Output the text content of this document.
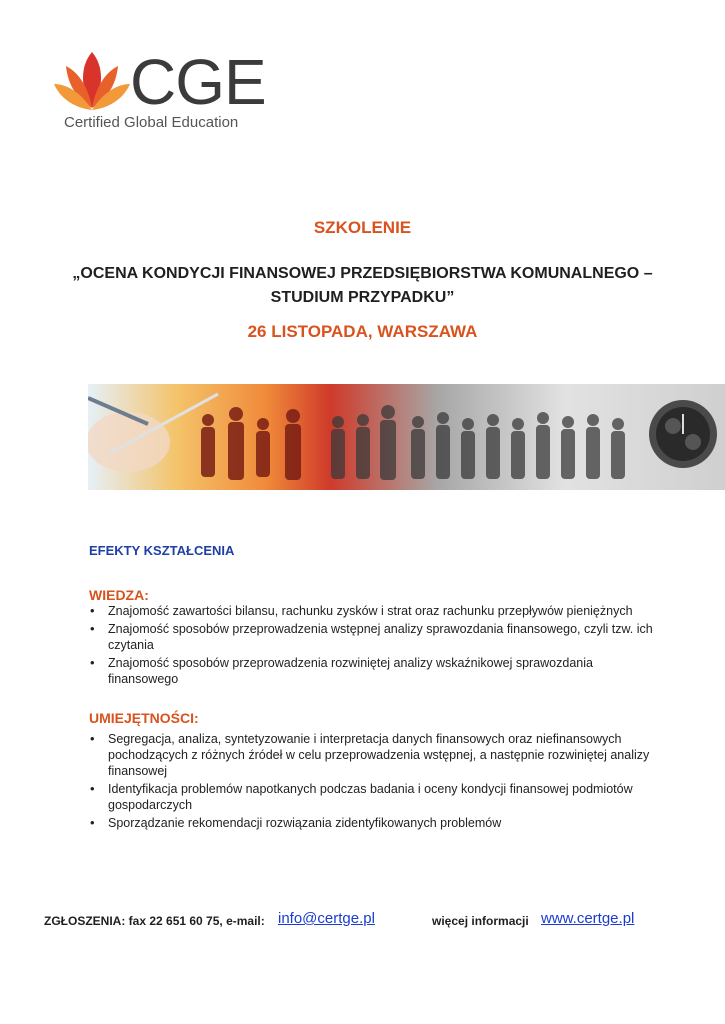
CGE
Certified Global Education
SZKOLENIE
„OCENA KONDYCJI FINANSOWEJ PRZEDSIĘBIORSTWA KOMUNALNEGO –
STUDIUM PRZYPADKU”
26 LISTOPADA, WARSZAWA
EFEKTY KSZTAŁCENIA
WIEDZA:
• Znajomość zawartości bilansu, rachunku zysków i strat oraz rachunku przepływów pieniężnych
• Znajomość sposobów przeprowadzenia wstępnej analizy sprawozdania finansowego, czyli tzw. ich czytania
• Znajomość sposobów przeprowadzenia rozwiniętej analizy wskaźnikowej sprawozdania finansowego
UMIEJĘTNOŚCI:
• Segregacja, analiza, syntetyzowanie i interpretacja danych finansowych oraz niefinansowych pochodzących z różnych źródeł w celu przeprowadzenia wstępnej, a następnie rozwiniętej analizy finansowej
• Identyfikacja problemów napotkanych podczas badania i oceny kondycji finansowej podmiotów gospodarczych
• Sporządzanie rekomendacji rozwiązania zidentyfikowanych problemów
ZGŁOSZENIA: fax 22 651 60 75, e-mail: info@certge.pl	więcej informacji www.certge.pl
